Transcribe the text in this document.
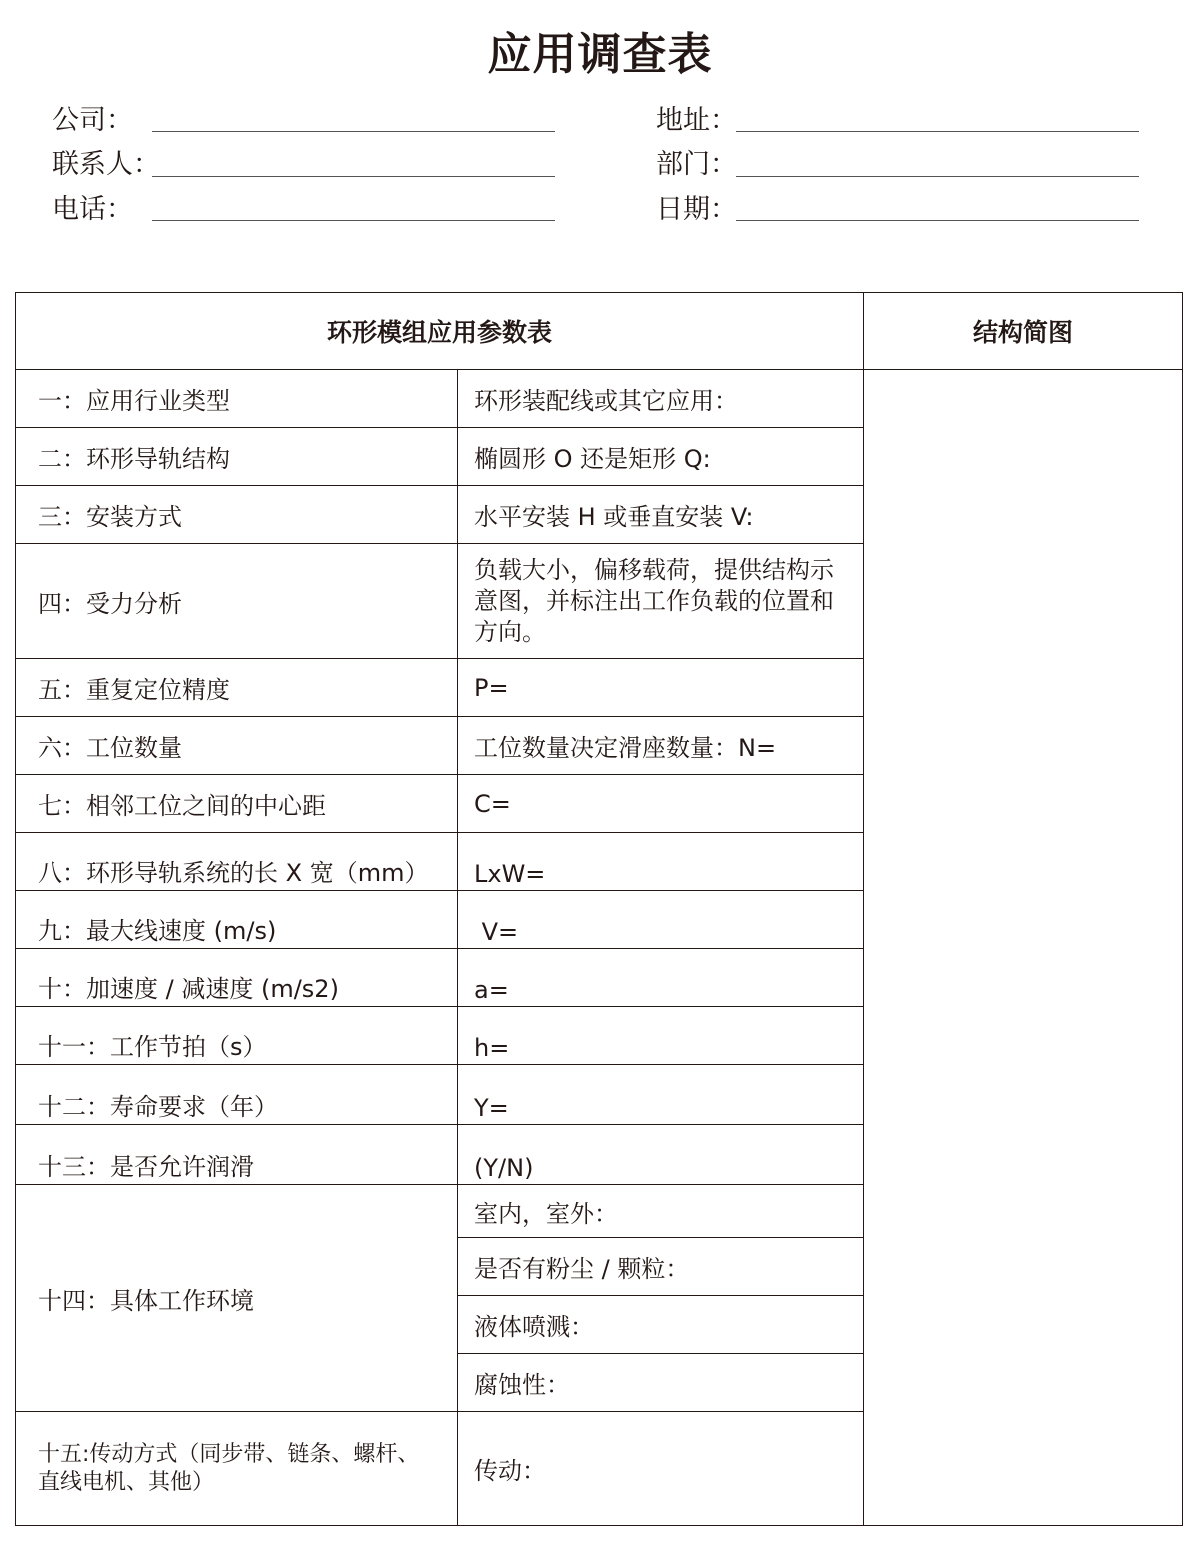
应用调查表
公司：
联系人：
电话：
地址：
部门：
日期：
环形模组应用参数表		结构简图
一：应用行业类型	环形装配线或其它应用：	
二：环形导轨结构	椭圆形 O 还是矩形 Q:	
三：安装方式	水平安装 H 或垂直安装 V:	
四：受力分析	负载大小，偏移载荷，提供结构示意图，并标注出工作负载的位置和方向。	
五：重复定位精度	P=	
六：工位数量	工位数量决定滑座数量：N=	
七：相邻工位之间的中心距	C=	
八：环形导轨系统的长 X 宽（mm）	LxW=	
九：最大线速度 (m/s)	V=	
十：加速度 / 减速度 (m/s2)	a=	
十一：工作节拍（s）	h=	
十二：寿命要求（年）	Y=	
十三：是否允许润滑	(Y/N)	
十四：具体工作环境	室内，室外：	
	是否有粉尘 / 颗粒：	
	液体喷溅：	
	腐蚀性：	
十五:传动方式（同步带、链条、螺杆、直线电机、其他）	传动：	
